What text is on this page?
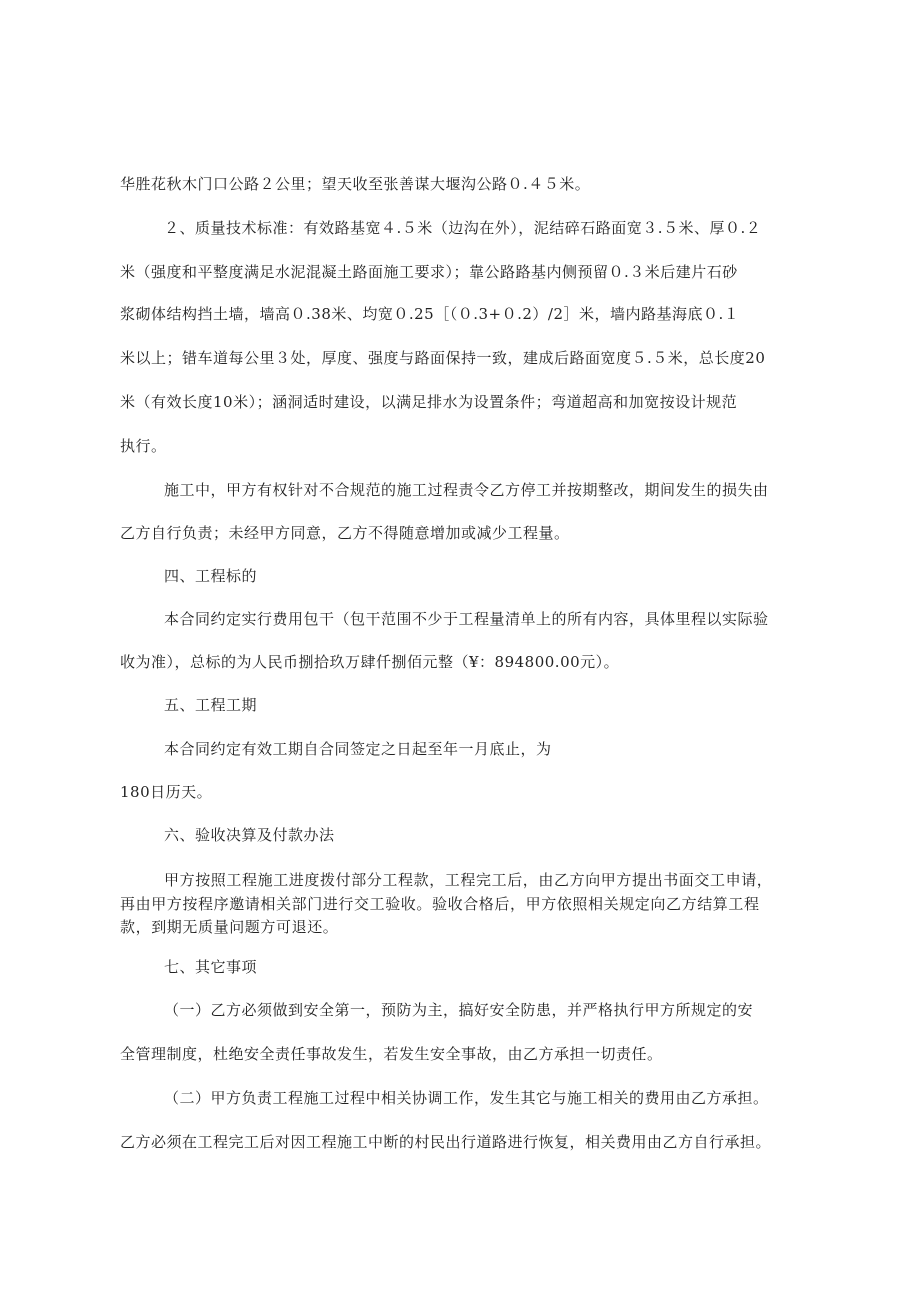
华胜花秋木门口公路２公里；望天收至张善谋大堰沟公路０.４５米。
２、质量技术标准：有效路基宽４.５米（边沟在外），泥结碎石路面宽３.５米、厚０.２
米（强度和平整度满足水泥混凝土路面施工要求）；靠公路路基内侧预留０.３米后建片石砂
浆砌体结构挡土墙，墙高０.38米、均宽０.25［（０.3+０.2）/2］米，墙内路基海底０.１
米以上；错车道每公里３处，厚度、强度与路面保持一致，建成后路面宽度５.５米，总长度20
米（有效长度10米）；涵洞适时建设，以满足排水为设置条件；弯道超高和加宽按设计规范
执行。
施工中，甲方有权针对不合规范的施工过程责令乙方停工并按期整改，期间发生的损失由
乙方自行负责；未经甲方同意，乙方不得随意增加或减少工程量。
四、工程标的
本合同约定实行费用包干（包干范围不少于工程量清单上的所有内容，具体里程以实际验
收为准），总标的为人民币捌拾玖万肆仟捌佰元整（¥：894800.00元）。
五、工程工期
本合同约定有效工期自合同签定之日起至年一月底止，为
180日历天。
六、验收决算及付款办法
甲方按照工程施工进度拨付部分工程款，工程完工后，由乙方向甲方提出书面交工申请，
再由甲方按程序邀请相关部门进行交工验收。验收合格后，甲方依照相关规定向乙方结算工程
款，到期无质量问题方可退还。
七、其它事项
（一）乙方必须做到安全第一，预防为主，搞好安全防患，并严格执行甲方所规定的安
全管理制度，杜绝安全责任事故发生，若发生安全事故，由乙方承担一切责任。
（二）甲方负责工程施工过程中相关协调工作，发生其它与施工相关的费用由乙方承担。
乙方必须在工程完工后对因工程施工中断的村民出行道路进行恢复，相关费用由乙方自行承担。
